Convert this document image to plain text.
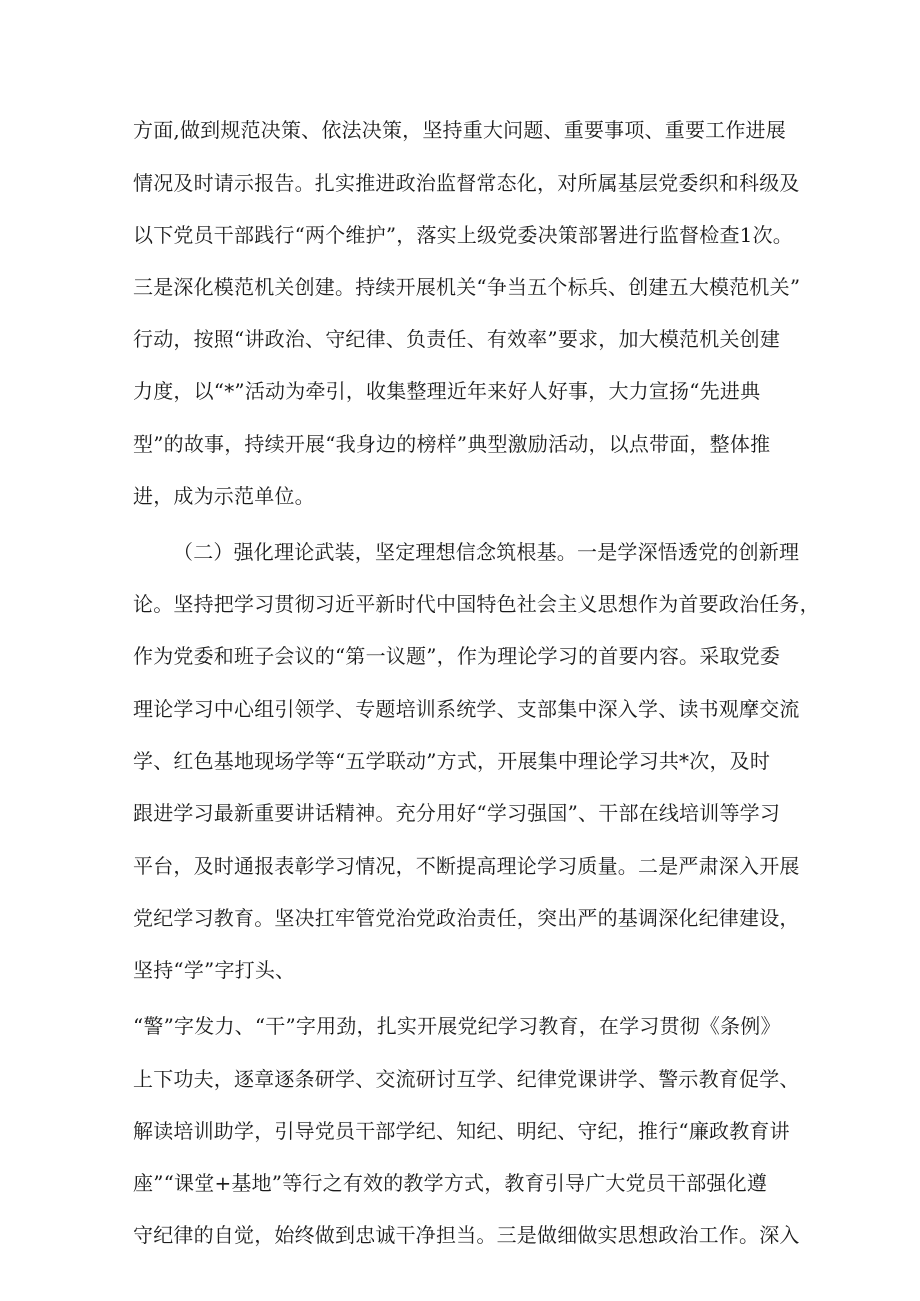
方面,做到规范决策、依法决策，坚持重大问题、重要事项、重要工作进展
情况及时请示报告。扎实推进政治监督常态化，对所属基层党委织和科级及
以下党员干部践行“两个维护”，落实上级党委决策部署进行监督检查1次。
三是深化模范机关创建。持续开展机关“争当五个标兵、创建五大模范机关”
行动，按照“讲政治、守纪律、负责任、有效率”要求，加大模范机关创建
力度，以“*”活动为牵引，收集整理近年来好人好事，大力宣扬“先进典
型”的故事，持续开展“我身边的榜样”典型激励活动，以点带面，整体推
进，成为示范单位。
（二）强化理论武装，坚定理想信念筑根基。一是学深悟透党的创新理
论。坚持把学习贯彻习近平新时代中国特色社会主义思想作为首要政治任务，
作为党委和班子会议的“第一议题”，作为理论学习的首要内容。采取党委
理论学习中心组引领学、专题培训系统学、支部集中深入学、读书观摩交流
学、红色基地现场学等“五学联动”方式，开展集中理论学习共*次，及时
跟进学习最新重要讲话精神。充分用好“学习强国”、干部在线培训等学习
平台，及时通报表彰学习情况，不断提高理论学习质量。二是严肃深入开展
党纪学习教育。坚决扛牢管党治党政治责任，突出严的基调深化纪律建设，
坚持“学”字打头、
“警”字发力、“干”字用劲，扎实开展党纪学习教育，在学习贯彻《条例》
上下功夫，逐章逐条研学、交流研讨互学、纪律党课讲学、警示教育促学、
解读培训助学，引导党员干部学纪、知纪、明纪、守纪，推行“廉政教育讲
座”“课堂+基地”等行之有效的教学方式，教育引导广大党员干部强化遵
守纪律的自觉，始终做到忠诚干净担当。三是做细做实思想政治工作。深入
